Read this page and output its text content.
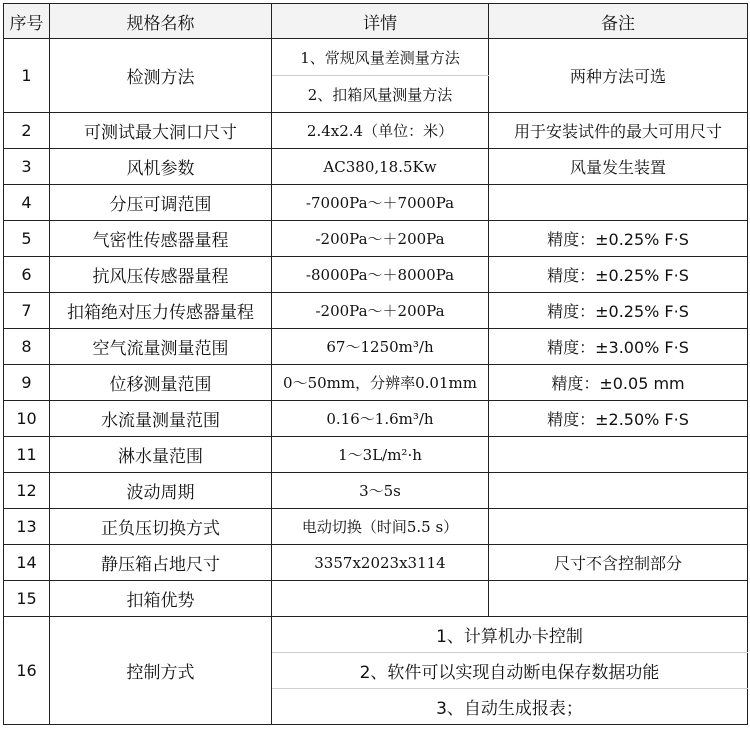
序号	规格名称	详情	备注
1	检测方法	1、常规风量差测量方法	两种方法可选
		2、扣箱风量测量方法	
2	可测试最大洞口尺寸	2.4x2.4（单位：米）	用于安装试件的最大可用尺寸
3	风机参数	AC380,18.5Kw	风量发生装置
4	分压可调范围	-7000Pa～＋7000Pa	
5	气密性传感器量程	-200Pa～＋200Pa	精度：±0.25% F·S
6	抗风压传感器量程	-8000Pa～＋8000Pa	精度：±0.25% F·S
7	扣箱绝对压力传感器量程	-200Pa～＋200Pa	精度：±0.25% F·S
8	空气流量测量范围	67～1250m³/h	精度：±3.00% F·S
9	位移测量范围	0～50mm，分辨率0.01mm	精度：±0.05 mm
10	水流量测量范围	0.16～1.6m³/h	精度：±2.50% F·S
11	淋水量范围	1～3L/m²·h	
12	波动周期	3～5s	
13	正负压切换方式	电动切换（时间5.5 s）	
14	静压箱占地尺寸	3357x2023x3114	尺寸不含控制部分
15	扣箱优势		
16	控制方式	1、计算机办卡控制	
		2、软件可以实现自动断电保存数据功能	
		3、自动生成报表；	
